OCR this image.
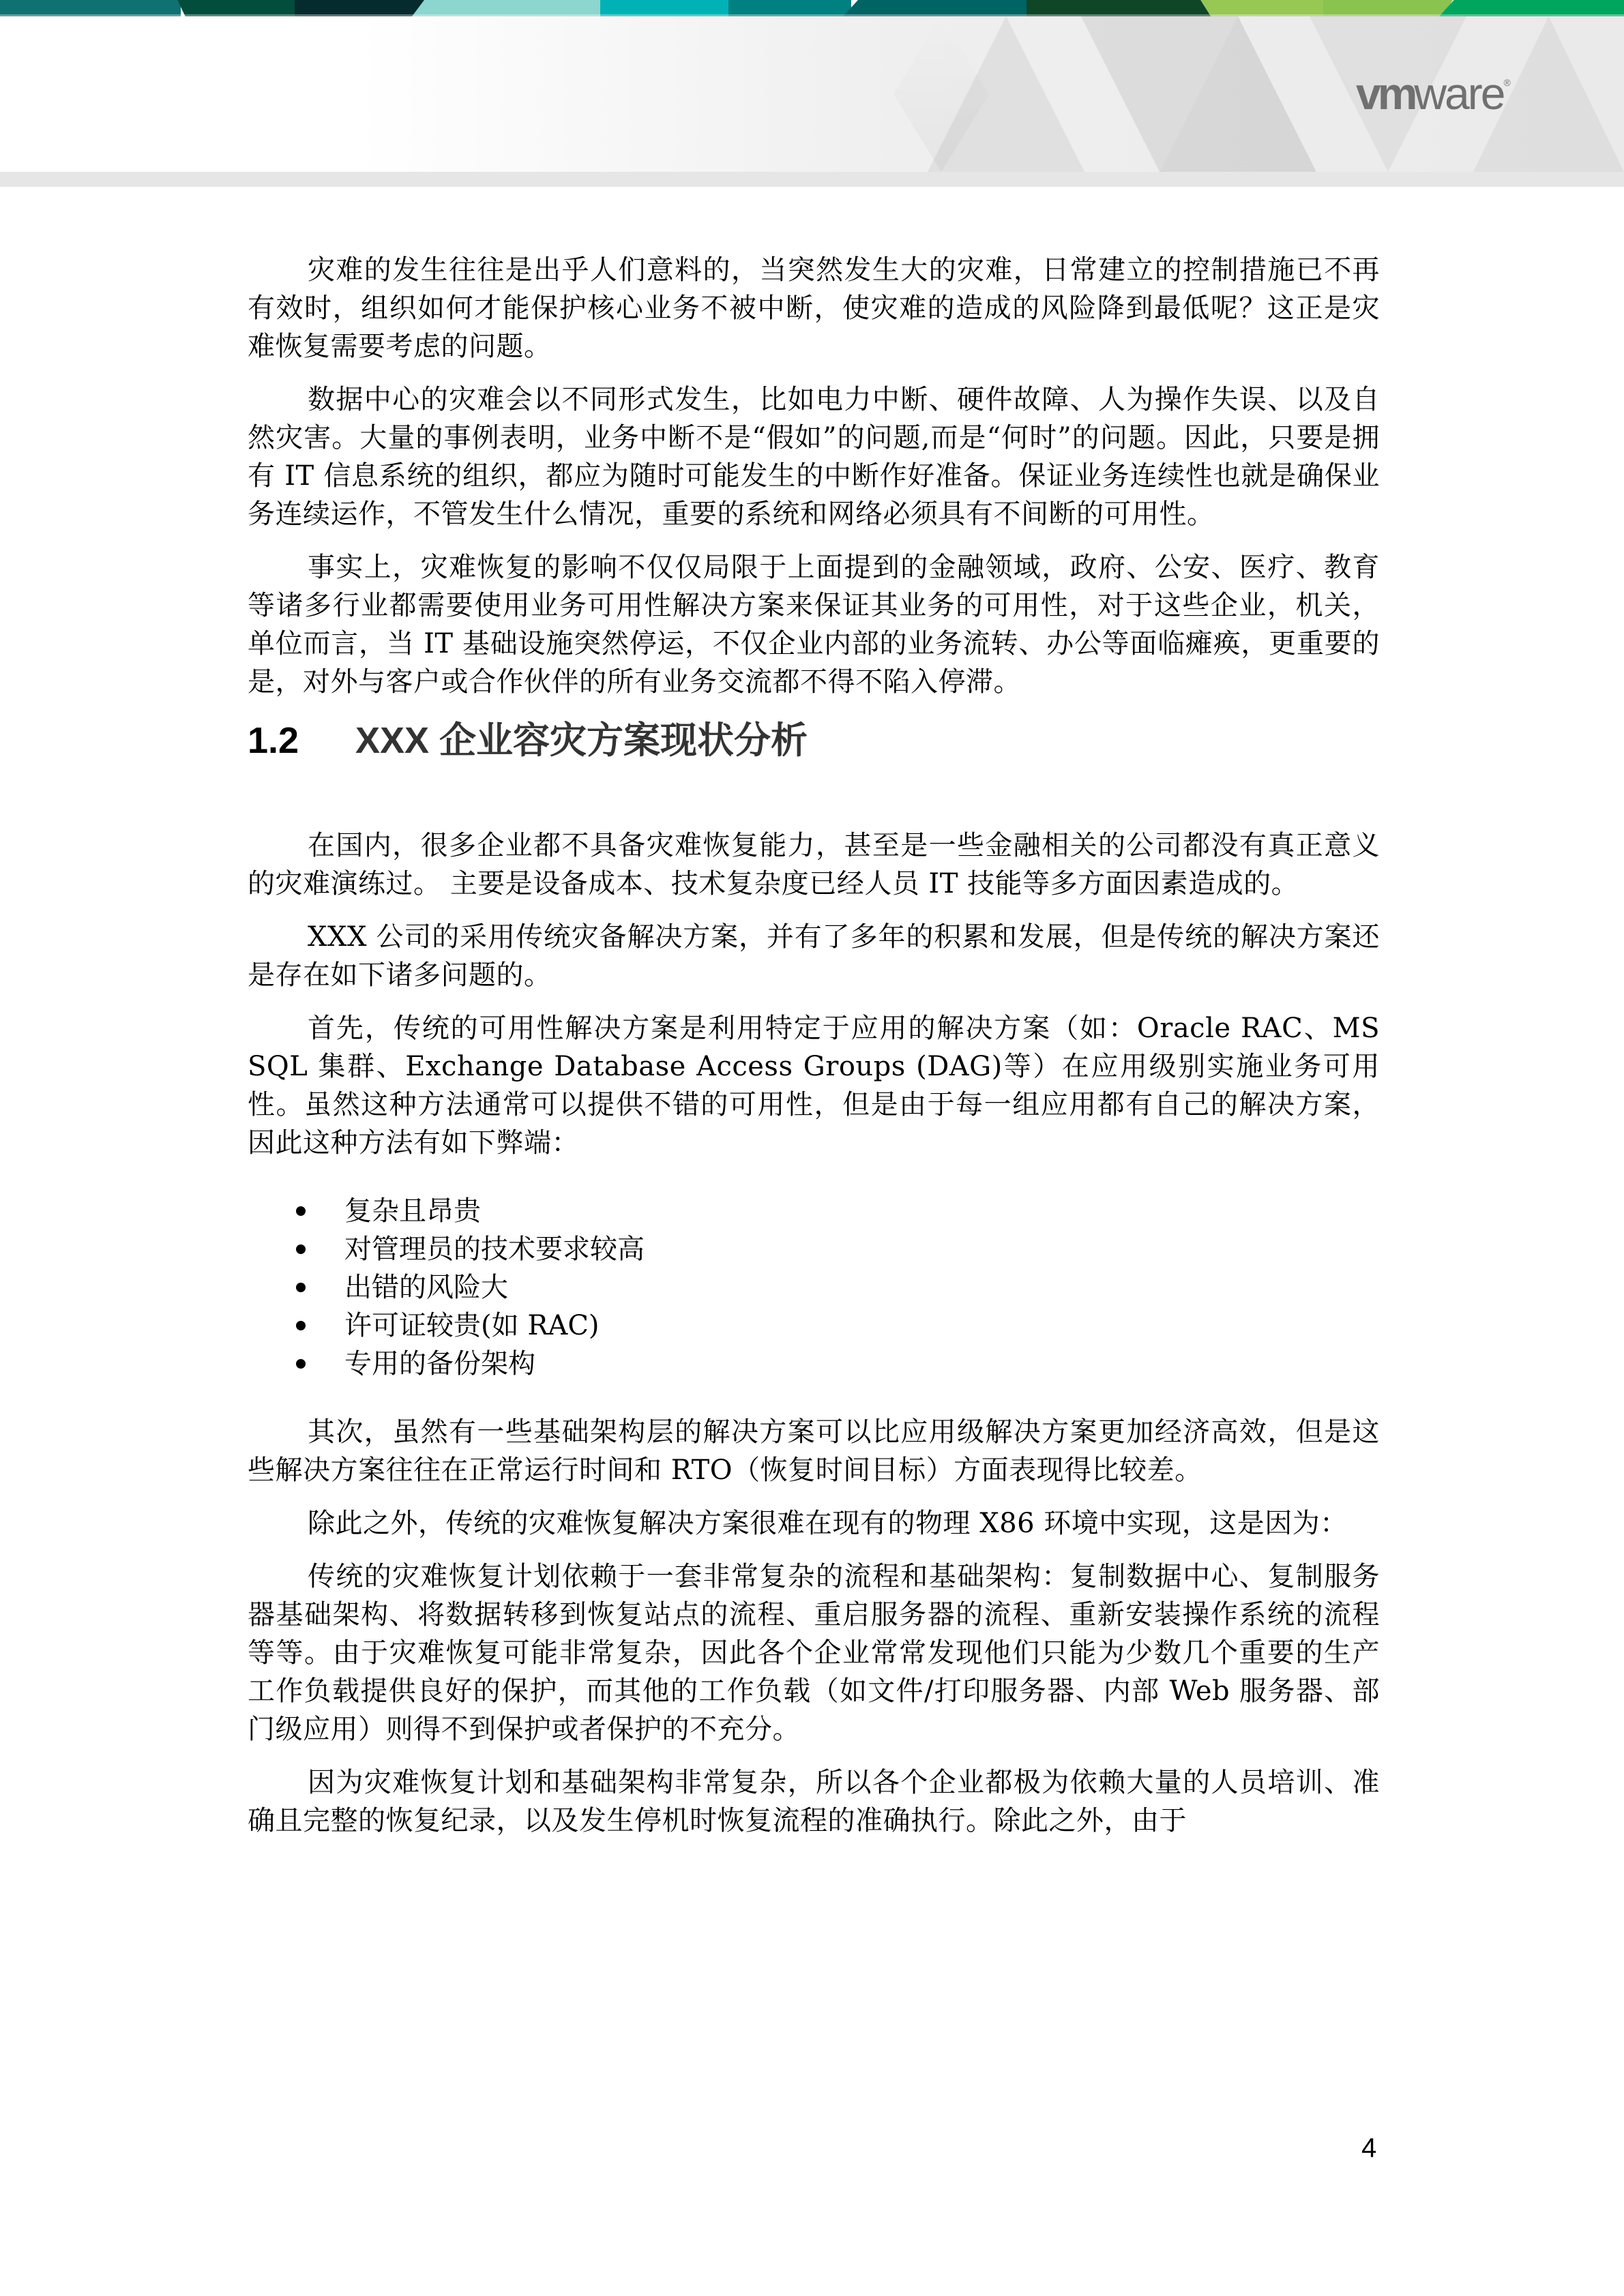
vmware®

灾难的发生往往是出乎人们意料的，当突然发生大的灾难，日常建立的控制措施已不再有效时，组织如何才能保护核心业务不被中断，使灾难的造成的风险降到最低呢？这正是灾难恢复需要考虑的问题。

数据中心的灾难会以不同形式发生，比如电力中断、硬件故障、人为操作失误、以及自然灾害。大量的事例表明，业务中断不是“假如”的问题,而是“何时”的问题。因此，只要是拥有 IT 信息系统的组织，都应为随时可能发生的中断作好准备。保证业务连续性也就是确保业务连续运作，不管发生什么情况，重要的系统和网络必须具有不间断的可用性。

事实上，灾难恢复的影响不仅仅局限于上面提到的金融领域，政府、公安、医疗、教育等诸多行业都需要使用业务可用性解决方案来保证其业务的可用性，对于这些企业，机关，单位而言，当 IT 基础设施突然停运，不仅企业内部的业务流转、办公等面临瘫痪，更重要的是，对外与客户或合作伙伴的所有业务交流都不得不陷入停滞。

1.2 XXX 企业容灾方案现状分析

在国内，很多企业都不具备灾难恢复能力，甚至是一些金融相关的公司都没有真正意义的灾难演练过。 主要是设备成本、技术复杂度已经人员 IT 技能等多方面因素造成的。

XXX 公司的采用传统灾备解决方案，并有了多年的积累和发展，但是传统的解决方案还是存在如下诸多问题的。

首先，传统的可用性解决方案是利用特定于应用的解决方案（如：Oracle RAC、MS SQL 集群、Exchange Database Access Groups (DAG)等）在应用级别实施业务可用性。虽然这种方法通常可以提供不错的可用性，但是由于每一组应用都有自己的解决方案，因此这种方法有如下弊端：

复杂且昂贵
对管理员的技术要求较高
出错的风险大
许可证较贵(如 RAC)
专用的备份架构

其次，虽然有一些基础架构层的解决方案可以比应用级解决方案更加经济高效，但是这些解决方案往往在正常运行时间和 RTO（恢复时间目标）方面表现得比较差。

除此之外，传统的灾难恢复解决方案很难在现有的物理 X86 环境中实现，这是因为：

传统的灾难恢复计划依赖于一套非常复杂的流程和基础架构：复制数据中心、复制服务器基础架构、将数据转移到恢复站点的流程、重启服务器的流程、重新安装操作系统的流程等等。由于灾难恢复可能非常复杂，因此各个企业常常发现他们只能为少数几个重要的生产工作负载提供良好的保护，而其他的工作负载（如文件/打印服务器、内部 Web 服务器、部门级应用）则得不到保护或者保护的不充分。

因为灾难恢复计划和基础架构非常复杂，所以各个企业都极为依赖大量的人员培训、准确且完整的恢复纪录，以及发生停机时恢复流程的准确执行。除此之外，由于

4
